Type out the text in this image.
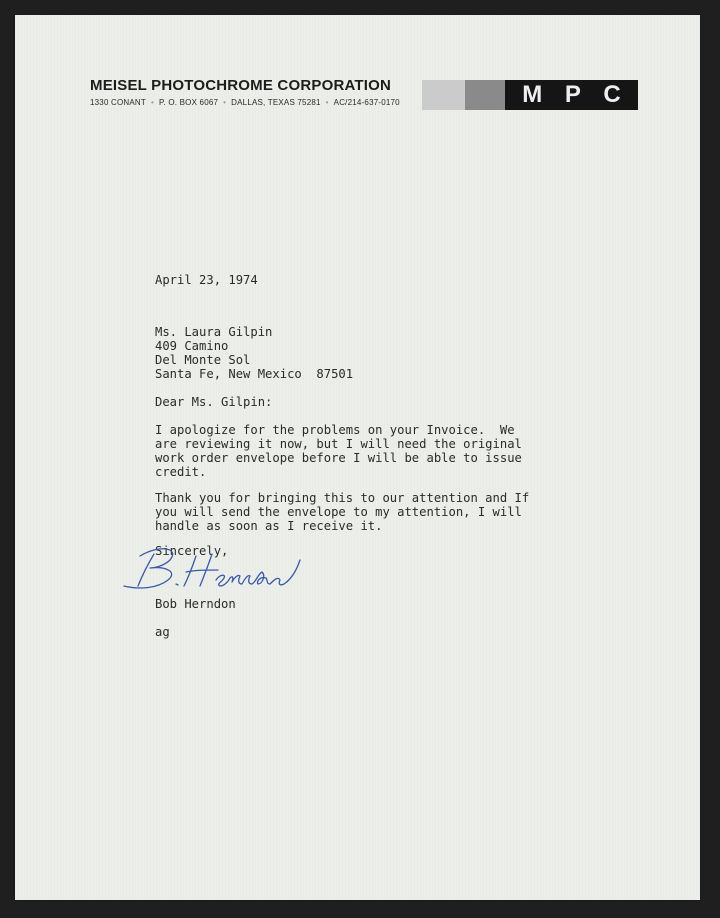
MEISEL PHOTOCHROME CORPORATION
1330 CONANT • P. O. BOX 6067 • DALLAS, TEXAS 75281 • AC/214-637-0170	M P C
April 23, 1974
Ms. Laura Gilpin
409 Camino
Del Monte Sol
Santa Fe, New Mexico  87501
Dear Ms. Gilpin:
I apologize for the problems on your Invoice.  We
are reviewing it now, but I will need the original
work order envelope before I will be able to issue
credit.
Thank you for bringing this to our attention and If
you will send the envelope to my attention, I will
handle as soon as I receive it.
Sincerely,
Bob Herndon
ag
